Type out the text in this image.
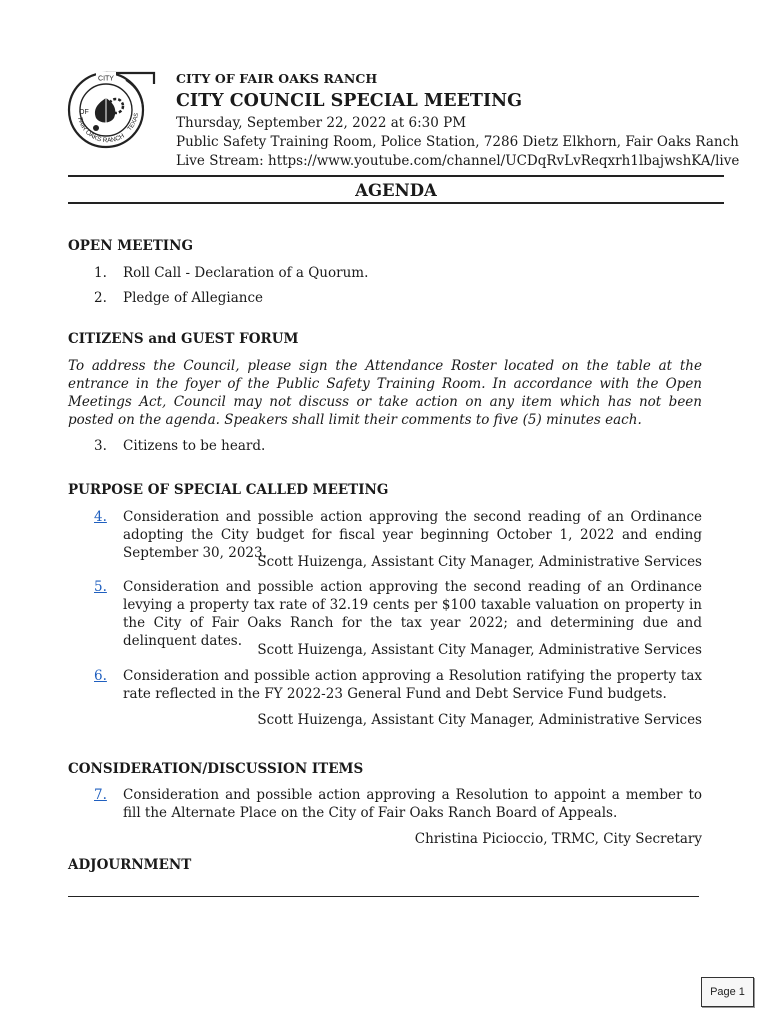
CITY
OF
FAIR OAKS RANCH
TEXAS
CITY OF FAIR OAKS RANCH
CITY COUNCIL SPECIAL MEETING
Thursday, September 22, 2022 at 6:30 PM
Public Safety Training Room, Police Station, 7286 Dietz Elkhorn, Fair Oaks Ranch
Live Stream: https://www.youtube.com/channel/UCDqRvLvReqxrh1lbajwshKA/live
AGENDA
OPEN MEETING
1.	Roll Call - Declaration of a Quorum.
2.	Pledge of Allegiance
CITIZENS and GUEST FORUM
To address the Council, please sign the Attendance Roster located on the table at the entrance in the foyer of the Public Safety Training Room. In accordance with the Open Meetings Act, Council may not discuss or take action on any item which has not been posted on the agenda. Speakers shall limit their comments to five (5) minutes each.
3.	Citizens to be heard.
PURPOSE OF SPECIAL CALLED MEETING
4.	Consideration and possible action approving the second reading of an Ordinance adopting the City budget for fiscal year beginning October 1, 2022 and ending September 30, 2023.
Scott Huizenga, Assistant City Manager, Administrative Services
5.	Consideration and possible action approving the second reading of an Ordinance levying a property tax rate of 32.19 cents per $100 taxable valuation on property in the City of Fair Oaks Ranch for the tax year 2022; and determining due and delinquent dates.
Scott Huizenga, Assistant City Manager, Administrative Services
6.	Consideration and possible action approving a Resolution ratifying the property tax rate reflected in the FY 2022-23 General Fund and Debt Service Fund budgets.
Scott Huizenga, Assistant City Manager, Administrative Services
CONSIDERATION/DISCUSSION ITEMS
7.	Consideration and possible action approving a Resolution to appoint a member to fill the Alternate Place on the City of Fair Oaks Ranch Board of Appeals.
Christina Picioccio, TRMC, City Secretary
ADJOURNMENT
Page 1
